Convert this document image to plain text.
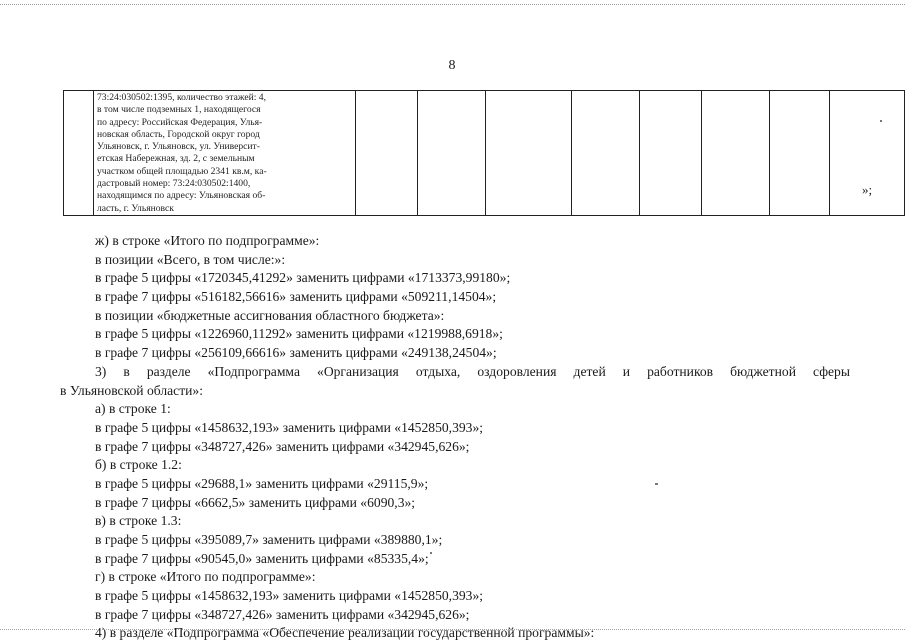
8

73:24:030502:1395, количество этажей: 4,
в том числе подземных 1, находящегося
по адресу: Российская Федерация, Улья-
новская область, Городской округ город
Ульяновск, г. Ульяновск, ул. Университ-
етская Набережная, зд. 2, с земельным
участком общей площадью 2341 кв.м, ка-
дастровый номер: 73:24:030502:1400,
находящимся по адресу: Ульяновская об-
ласть, г. Ульяновск

»;
ж) в строке «Итого по подпрограмме»:
в позиции «Всего, в том числе:»:
в графе 5 цифры «1720345,41292» заменить цифрами «1713373,99180»;
в графе 7 цифры «516182,56616» заменить цифрами «509211,14504»;
в позиции «бюджетные ассигнования областного бюджета»:
в графе 5 цифры «1226960,11292» заменить цифрами «1219988,6918»;
в графе 7 цифры «256109,66616» заменить цифрами «249138,24504»;
3) в разделе «Подпрограмма «Организация отдыха, оздоровления детей и работников бюджетной сферы
в Ульяновской области»:
а) в строке 1:
в графе 5 цифры «1458632,193» заменить цифрами «1452850,393»;
в графе 7 цифры «348727,426» заменить цифрами «342945,626»;
б) в строке 1.2:
в графе 5 цифры «29688,1» заменить цифрами «29115,9»;
в графе 7 цифры «6662,5» заменить цифрами «6090,3»;
в) в строке 1.3:
в графе 5 цифры «395089,7» заменить цифрами «389880,1»;
в графе 7 цифры «90545,0» заменить цифрами «85335,4»;
г) в строке «Итого по подпрограмме»:
в графе 5 цифры «1458632,193» заменить цифрами «1452850,393»;
в графе 7 цифры «348727,426» заменить цифрами «342945,626»;
4) в разделе «Подпрограмма «Обеспечение реализации государственной программы»:
